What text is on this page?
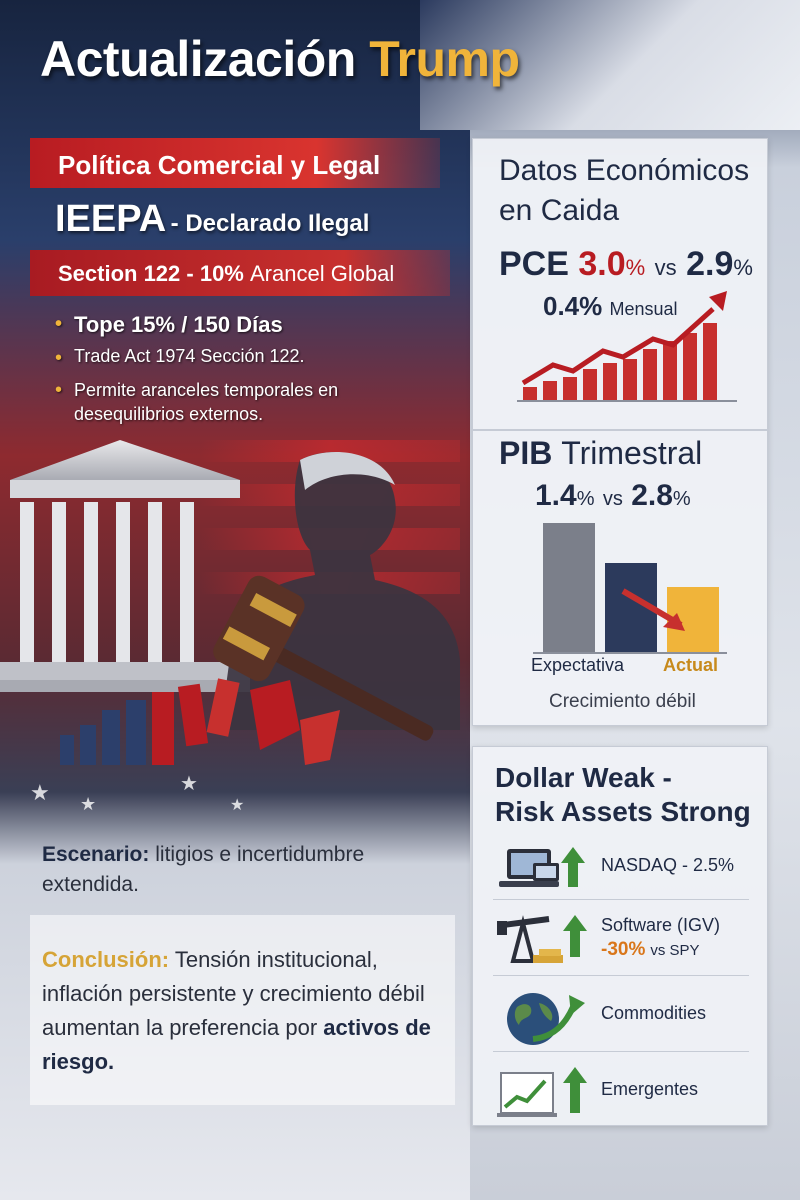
Actualización Trump
Política Comercial y Legal
IEEPA - Declarado Ilegal
Section 122 - 10% Arancel Global
• Tope 15% / 150 Días
• Trade Act 1974 Sección 122.
• Permite aranceles temporales en desequilibrios externos.
★ ★
★
★
Escenario: litigios e incertidumbre extendida.
Conclusión: Tensión institucional, inflación persistente y crecimiento débil aumentan la preferencia por activos de riesgo.
Datos Económicos en Caida
PCE 3.0% vs 2.9%
0.4% Mensual
PIB Trimestral
1.4% vs 2.8%
Expectativa Actual
Crecimiento débil
Dollar Weak -
Risk Assets Strong
NASDAQ - 2.5%
Software (IGV)
-30% vs SPY
Commodities
Emergentes
